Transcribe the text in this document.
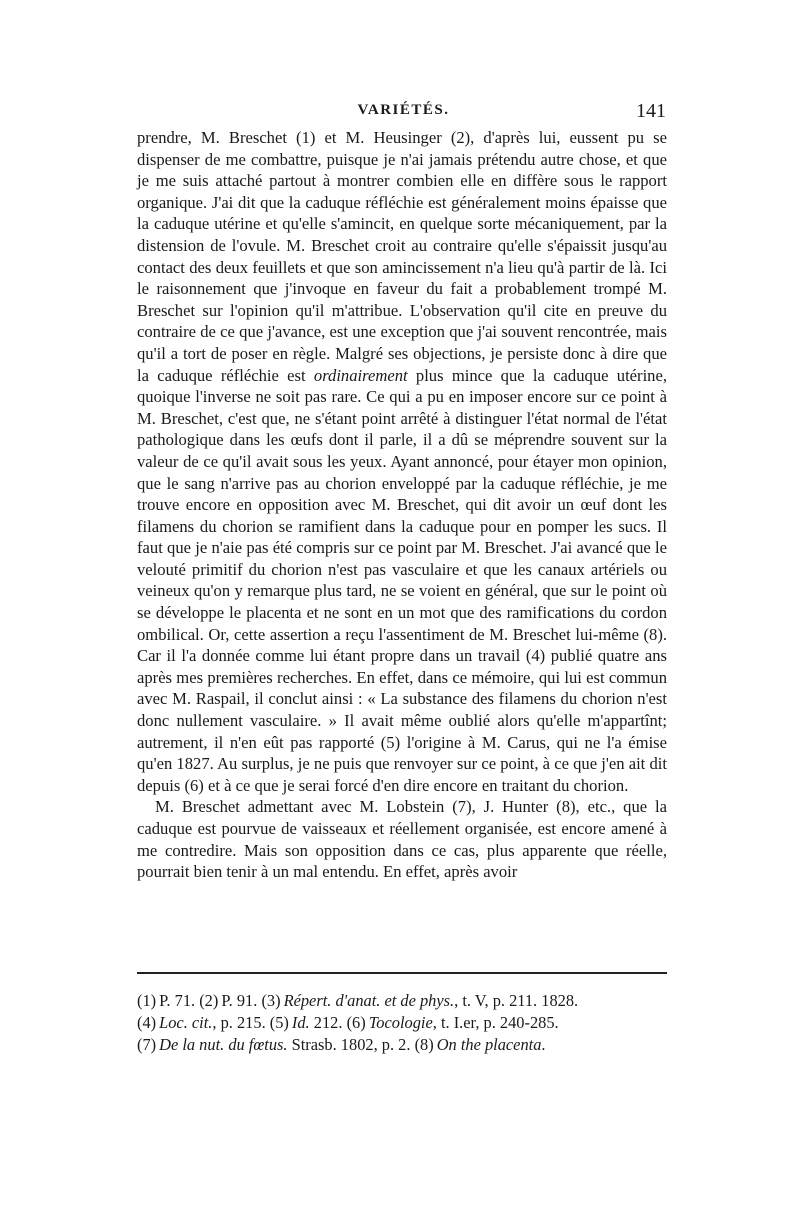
VARIÉTÉS.	141

prendre, M. Breschet (1) et M. Heusinger (2), d'après lui, eussent pu se dispenser de me combattre, puisque je n'ai jamais prétendu autre chose, et que je me suis attaché partout à montrer combien elle en diffère sous le rapport organique. J'ai dit que la caduque réfléchie est généralement moins épaisse que la caduque utérine et qu'elle s'amincit, en quelque sorte mécaniquement, par la distension de l'ovule. M. Breschet croit au contraire qu'elle s'épaissit jusqu'au contact des deux feuillets et que son amincissement n'a lieu qu'à partir de là. Ici le raisonnement que j'invoque en faveur du fait a probablement trompé M. Breschet sur l'opinion qu'il m'attribue. L'observation qu'il cite en preuve du contraire de ce que j'avance, est une exception que j'ai souvent rencontrée, mais qu'il a tort de poser en règle. Malgré ses objections, je persiste donc à dire que la caduque réfléchie est ordinairement plus mince que la caduque utérine, quoique l'inverse ne soit pas rare. Ce qui a pu en imposer encore sur ce point à M. Breschet, c'est que, ne s'étant point arrêté à distinguer l'état normal de l'état pathologique dans les œufs dont il parle, il a dû se méprendre souvent sur la valeur de ce qu'il avait sous les yeux. Ayant annoncé, pour étayer mon opinion, que le sang n'arrive pas au chorion enveloppé par la caduque réfléchie, je me trouve encore en opposition avec M. Breschet, qui dit avoir un œuf dont les filamens du chorion se ramifient dans la caduque pour en pomper les sucs. Il faut que je n'aie pas été compris sur ce point par M. Breschet. J'ai avancé que le velouté primitif du chorion n'est pas vasculaire et que les canaux artériels ou veineux qu'on y remarque plus tard, ne se voient en général, que sur le point où se développe le placenta et ne sont en un mot que des ramifications du cordon ombilical. Or, cette assertion a reçu l'assentiment de M. Breschet lui-même (8). Car il l'a donnée comme lui étant propre dans un travail (4) publié quatre ans après mes premières recherches. En effet, dans ce mémoire, qui lui est commun avec M. Raspail, il conclut ainsi : « La substance des filamens du chorion n'est donc nullement vasculaire. » Il avait même oublié alors qu'elle m'appartînt; autrement, il n'en eût pas rapporté (5) l'origine à M. Carus, qui ne l'a émise qu'en 1827. Au surplus, je ne puis que renvoyer sur ce point, à ce que j'en ait dit depuis (6) et à ce que je serai forcé d'en dire encore en traitant du chorion.

M. Breschet admettant avec M. Lobstein (7), J. Hunter (8), etc., que la caduque est pourvue de vaisseaux et réellement organisée, est encore amené à me contredire. Mais son opposition dans ce cas, plus apparente que réelle, pourrait bien tenir à un mal entendu. En effet, après avoir

(1) P. 71. (2) P. 91. (3) Répert. d'anat. et de phys., t. V, p. 211. 1828.
(4) Loc. cit., p. 215. (5) Id. 212. (6) Tocologie, t. I.er, p. 240-285.
(7) De la nut. du fœtus. Strasb. 1802, p. 2. (8) On the placenta.
